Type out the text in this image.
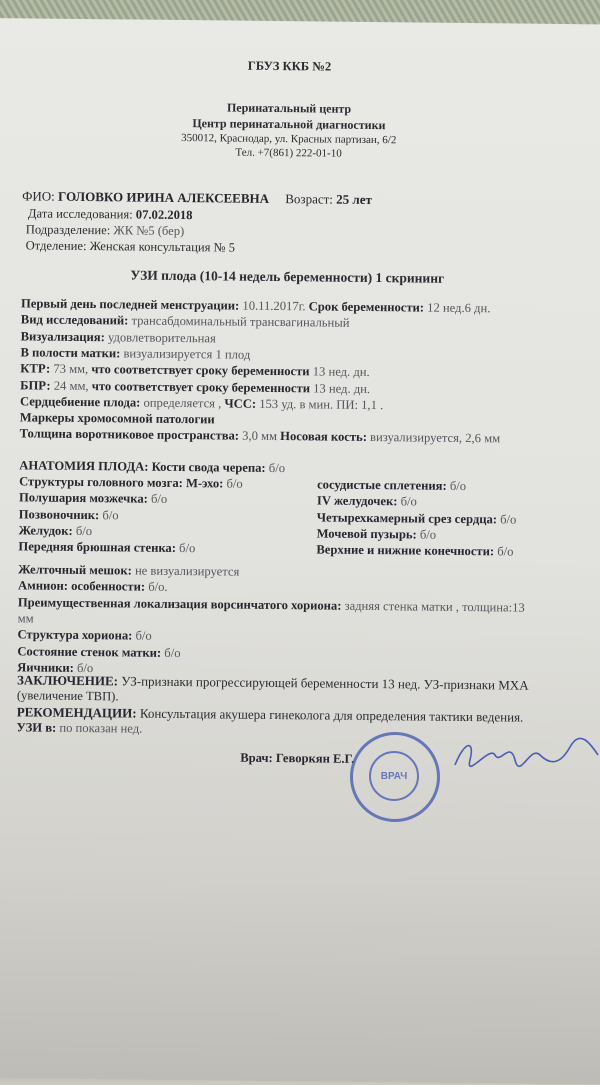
ГБУЗ ККБ №2
Перинатальный центр
Центр перинатальной диагностики
350012, Краснодар, ул. Красных партизан, 6/2
Тел. +7(861) 222-01-10
ФИО: ГОЛОВКО ИРИНА АЛЕКСЕЕВНА Возраст: 25 лет
Дата исследования: 07.02.2018
Подразделение: ЖК №5 (бер)
Отделение: Женская консультация № 5
УЗИ плода (10-14 недель беременности) 1 скрининг
Первый день последней менструации: 10.11.2017г. Срок беременности: 12 нед.6 дн.
Вид исследований: трансабдоминальный трансвагинальный
Визуализация: удовлетворительная
В полости матки: визуализируется 1 плод
КТР: 73 мм, что соответствует сроку беременности 13 нед. дн.
БПР: 24 мм, что соответствует сроку беременности 13 нед. дн.
Сердцебиение плода: определяется , ЧСС: 153 уд. в мин. ПИ: 1,1 .
Маркеры хромосомной патологии
Толщина воротниковое пространства: 3,0 мм Носовая кость: визуализируется, 2,6 мм
АНАТОМИЯ ПЛОДА: Кости свода черепа: б/о
Структуры головного мозга: М-эхо: б/о
Полушария мозжечка: б/о
Позвоночник: б/о
Желудок: б/о
Передняя брюшная стенка: б/о
сосудистые сплетения: б/о
IV желудочек: б/о
Четырехкамерный срез сердца: б/о
Мочевой пузырь: б/о
Верхние и нижние конечности: б/о
Желточный мешок: не визуализируется
Амнион: особенности: б/о.
Преимущественная локализация ворсинчатого хориона: задняя стенка матки , толщина:13
мм
Структура хориона: б/о
Состояние стенок матки: б/о
Яичники: б/о
ЗАКЛЮЧЕНИЕ: УЗ-признаки прогрессирующей беременности 13 нед. УЗ-признаки МХА
(увеличение ТВП).
РЕКОМЕНДАЦИИ: Консультация акушера гинеколога для определения тактики ведения.
УЗИ в: по показан нед.
Врач: Геворкян Е.Г.
ВРАЧ
